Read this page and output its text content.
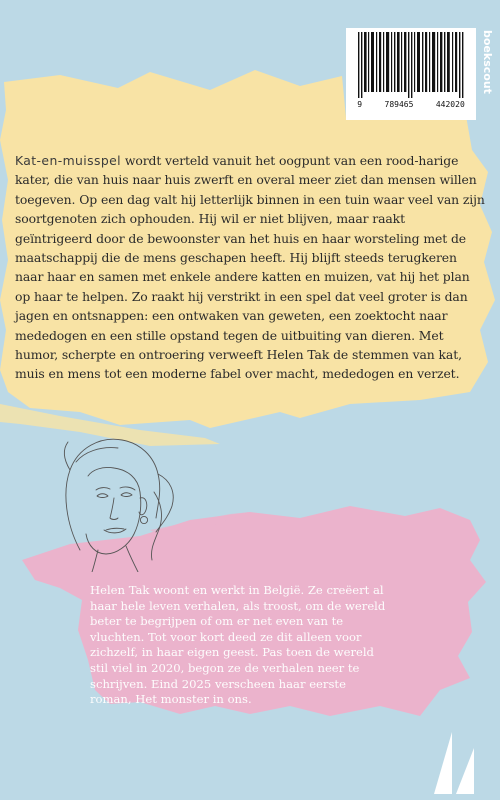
9	789465	442020
boekscout

Kat-en-muisspel wordt verteld vanuit het oogpunt van een rood-harige kater, die van huis naar huis zwerft en overal meer ziet dan mensen willen toegeven. Op een dag valt hij letterlijk binnen in een tuin waar veel van zijn soortgenoten zich ophouden. Hij wil er niet blijven, maar raakt geïntrigeerd door de bewoonster van het huis en haar worsteling met de maatschappij die de mens geschapen heeft. Hij blijft steeds terugkeren naar haar en samen met enkele andere katten en muizen, vat hij het plan op haar te helpen. Zo raakt hij verstrikt in een spel dat veel groter is dan jagen en ontsnappen: een ontwaken van geweten, een zoektocht naar mededogen en een stille opstand tegen de uitbuiting van dieren. Met humor, scherpte en ontroering verweeft Helen Tak de stemmen van kat, muis en mens tot een moderne fabel over macht, mededogen en verzet.

Helen Tak woont en werkt in België. Ze creëert al haar hele leven verhalen, als troost, om de wereld beter te begrijpen of om er net even van te vluchten. Tot voor kort deed ze dit alleen voor zichzelf, in haar eigen geest. Pas toen de wereld stil viel in 2020, begon ze de verhalen neer te schrijven. Eind 2025 verscheen haar eerste roman, Het monster in ons.
